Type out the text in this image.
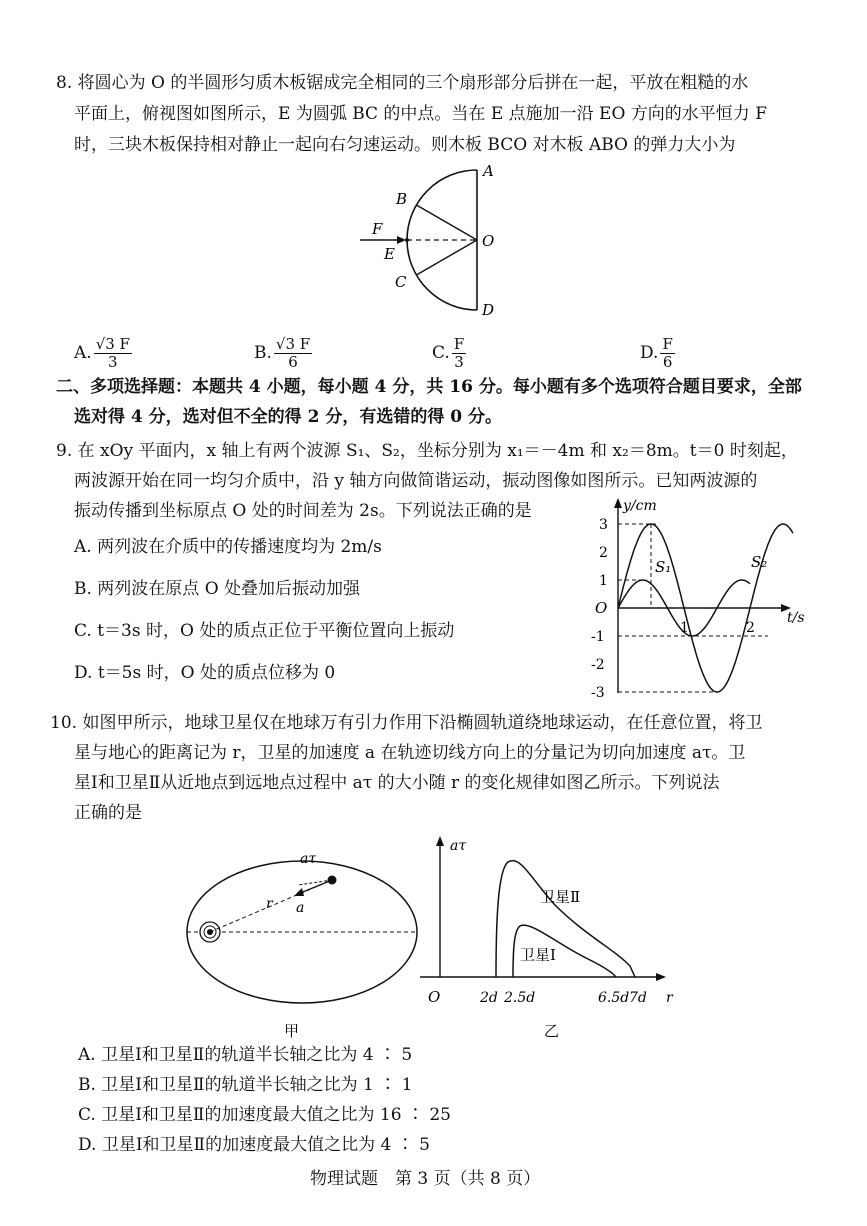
8. 将圆心为 O 的半圆形匀质木板锯成完全相同的三个扇形部分后拼在一起，平放在粗糙的水
平面上，俯视图如图所示，E 为圆弧 BC 的中点。当在 E 点施加一沿 EO 方向的水平恒力 F
时，三块木板保持相对静止一起向右匀速运动。则木板 BCO 对木板 ABO 的弹力大小为
A
B
F
O
E
C
D
A. $\frac{√3 F}{3}$	B. $\frac{√3 F}{6}$	C. $\frac{F}{3}$	D. $\frac{F}{6}$
二、多项选择题：本题共 4 小题，每小题 4 分，共 16 分。每小题有多个选项符合题目要求，全部
选对得 4 分，选对但不全的得 2 分，有选错的得 0 分。
9. 在 xOy 平面内，x 轴上有两个波源 S₁、S₂，坐标分别为 x₁＝－4m 和 x₂＝8m。t＝0 时刻起，
两波源开始在同一均匀介质中，沿 y 轴方向做简谐运动，振动图像如图所示。已知两波源的
振动传播到坐标原点 O 处的时间差为 2s。下列说法正确的是
A. 两列波在介质中的传播速度均为 2m/s
B. 两列波在原点 O 处叠加后振动加强
C. t＝3s 时，O 处的质点正位于平衡位置向上振动
D. t＝5s 时，O 处的质点位移为 0
y/cm
t/s
O
3
2
1
-1
-2
-3
1	2
S₁	S₂
10. 如图甲所示，地球卫星仅在地球万有引力作用下沿椭圆轨道绕地球运动，在任意位置，将卫
星与地心的距离记为 r，卫星的加速度 a 在轨迹切线方向上的分量记为切向加速度 aτ。卫
星Ⅰ和卫星Ⅱ从近地点到远地点过程中 aτ 的大小随 r 的变化规律如图乙所示。下列说法
正确的是
aτ
a
r
甲
aτ
r
O	2d 2.5d	6.5d 7d
卫星Ⅱ
卫星Ⅰ
乙
A. 卫星Ⅰ和卫星Ⅱ的轨道半长轴之比为 4 ∶ 5
B. 卫星Ⅰ和卫星Ⅱ的轨道半长轴之比为 1 ∶ 1
C. 卫星Ⅰ和卫星Ⅱ的加速度最大值之比为 16 ∶ 25
D. 卫星Ⅰ和卫星Ⅱ的加速度最大值之比为 4 ∶ 5
物理试题　第 3 页（共 8 页）
